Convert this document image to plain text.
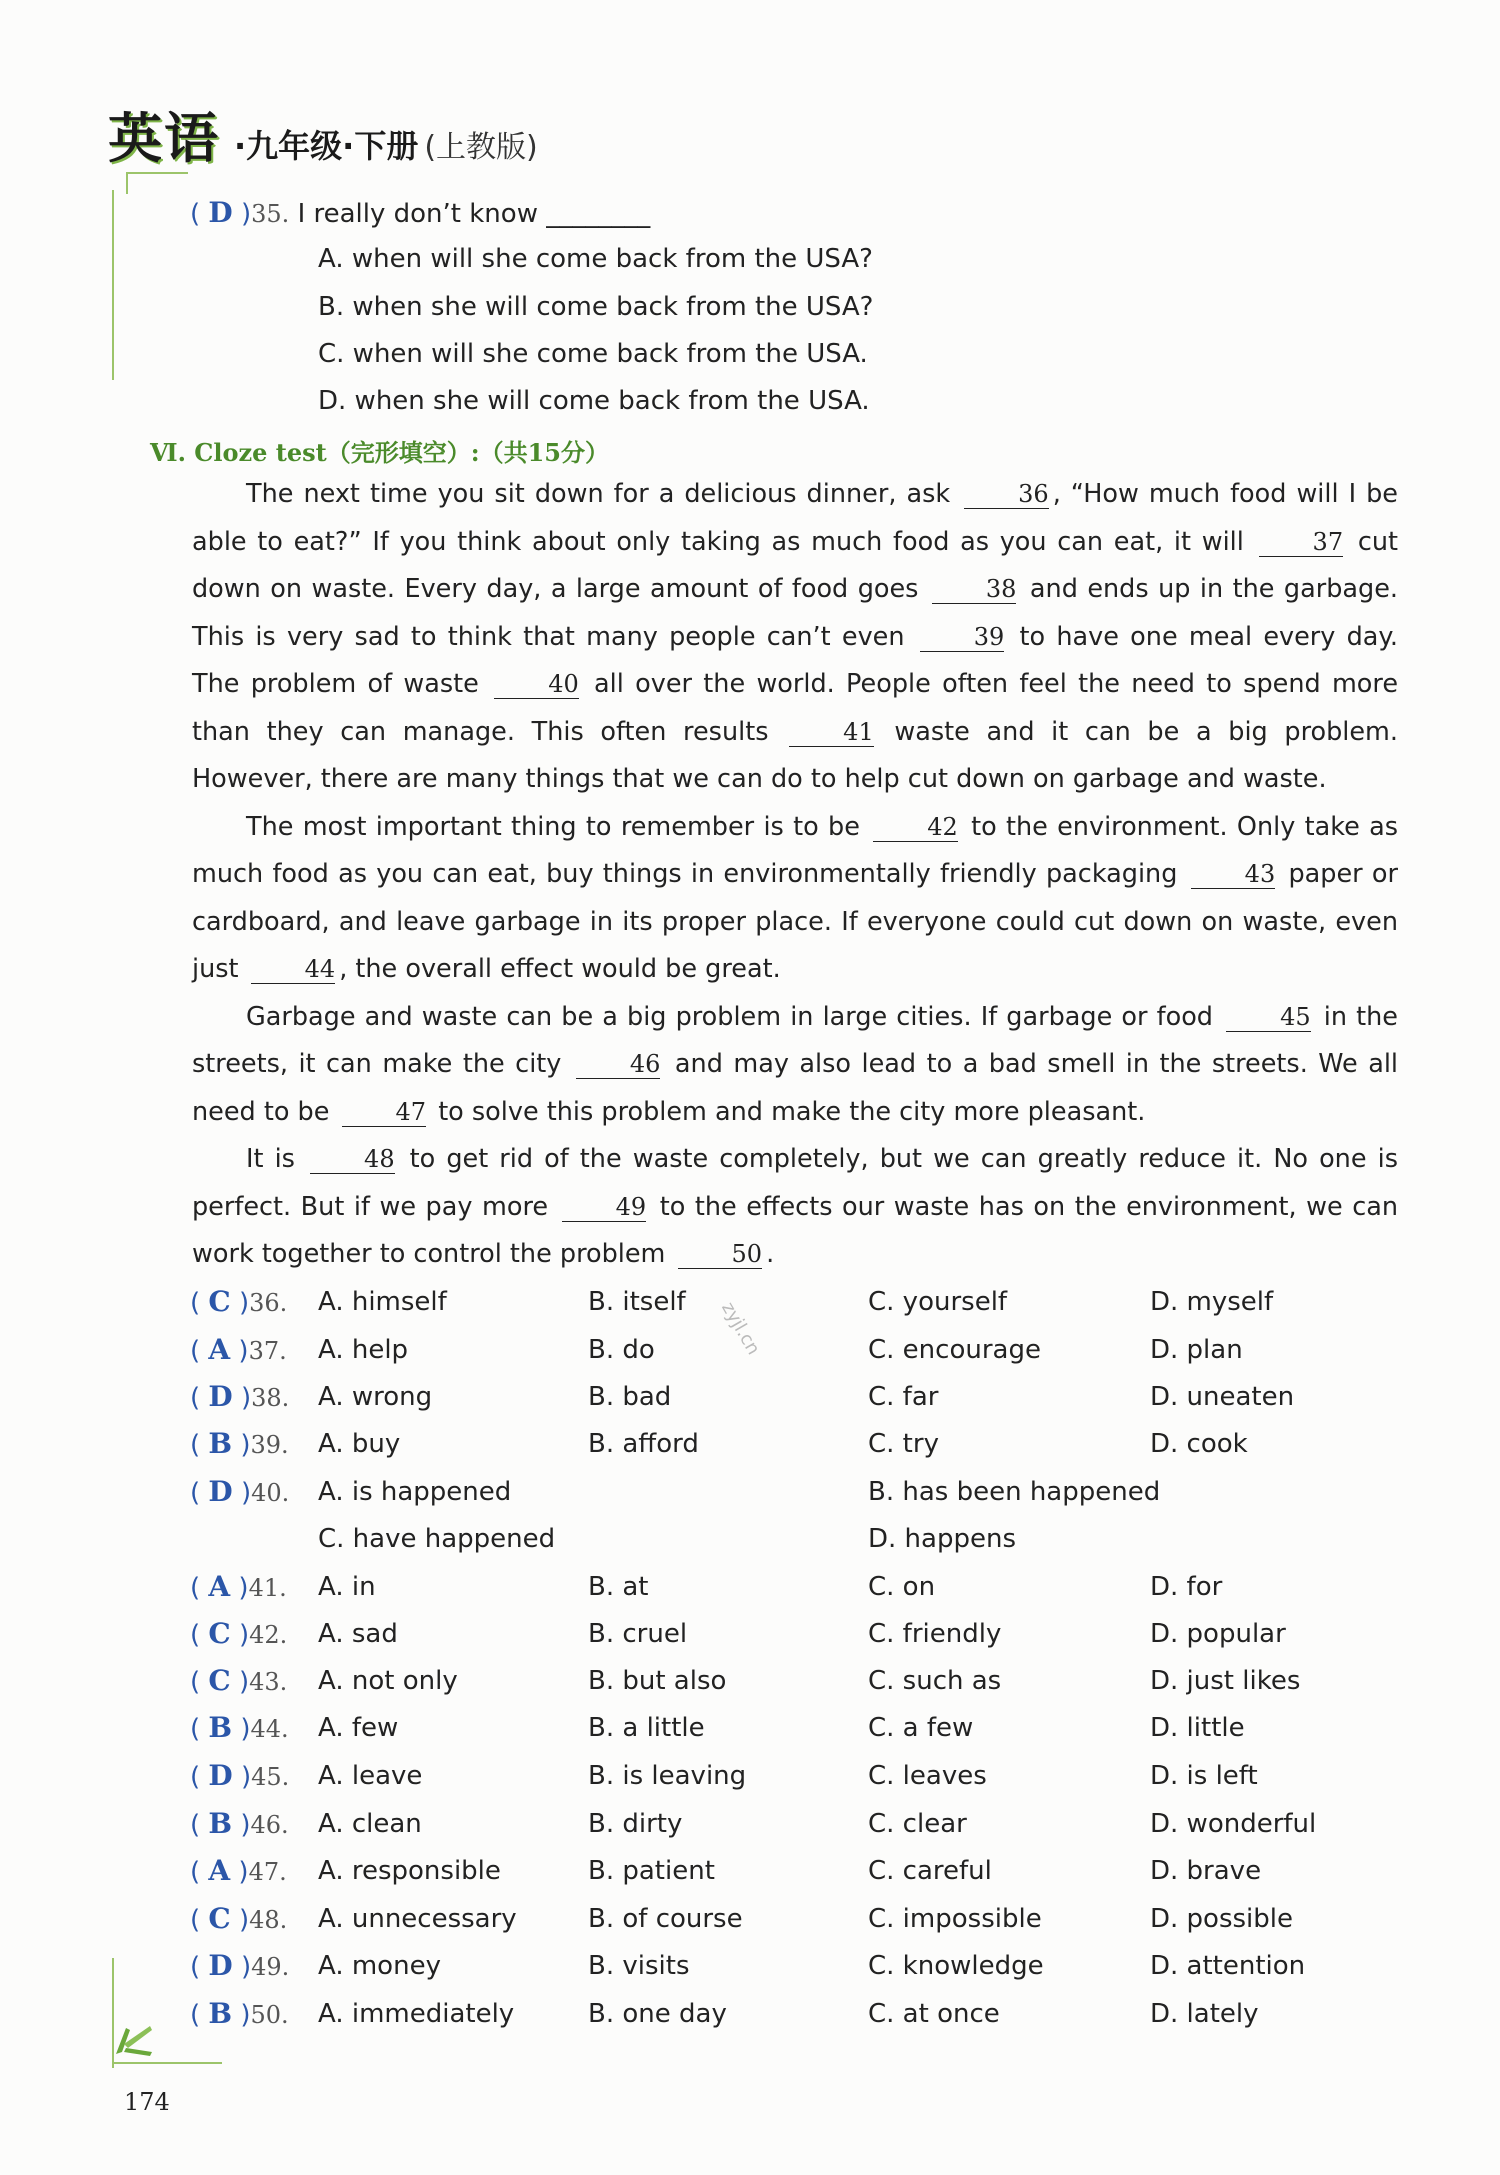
英语 ·九年级·下册 (上教版)
( D )35. I really don’t know ________
A. when will she come back from the USA?
B. when she will come back from the USA?
C. when will she come back from the USA.
D. when she will come back from the USA.
Ⅵ. Cloze test（完形填空）:（共15分）

The next time you sit down for a delicious dinner, ask	36 , “How much food will I be able to eat?” If you think about only taking as much food as you can eat, it will	37 cut down on waste. Every day, a large amount of food goes	38 and ends up in the garbage. This is very sad to think that many people can’t even	39 to have one meal every day. The problem of waste	40 all over the world. People often feel the need to spend more than they can manage. This often results	41 waste and it can be a big problem. However, there are many things that we can do to help cut down on garbage and waste.

The most important thing to remember is to be	42 to the environment. Only take as much food as you can eat, buy things in environmentally friendly packaging	43 paper or cardboard, and leave garbage in its proper place. If everyone could cut down on waste, even just	44 , the overall effect would be great.

Garbage and waste can be a big problem in large cities. If garbage or food	45 in the streets, it can make the city	46 and may also lead to a bad smell in the streets. We all need to be	47 to solve this problem and make the city more pleasant.

It is	48 to get rid of the waste completely, but we can greatly reduce it. No one is perfect. But if we pay more	49 to the effects our waste has on the environment, we can work together to control the problem	50 .

( C )36. A. himself	B. itself	C. yourself	D. myself
( A )37. A. help	B. do	C. encourage	D. plan
( D )38. A. wrong	B. bad	C. far	D. uneaten
( B )39. A. buy	B. afford	C. try	D. cook
( D )40. A. is happened	B. has been happened
C. have happened	D. happens
( A )41. A. in	B. at	C. on	D. for
( C )42. A. sad	B. cruel	C. friendly	D. popular
( C )43. A. not only	B. but also	C. such as	D. just likes
( B )44. A. few	B. a little	C. a few	D. little
( D )45. A. leave	B. is leaving	C. leaves	D. is left
( B )46. A. clean	B. dirty	C. clear	D. wonderful
( A )47. A. responsible	B. patient	C. careful	D. brave
( C )48. A. unnecessary	B. of course	C. impossible	D. possible
( D )49. A. money	B. visits	C. knowledge	D. attention
( B )50. A. immediately	B. one day	C. at once	D. lately
zyjl.cn
174
